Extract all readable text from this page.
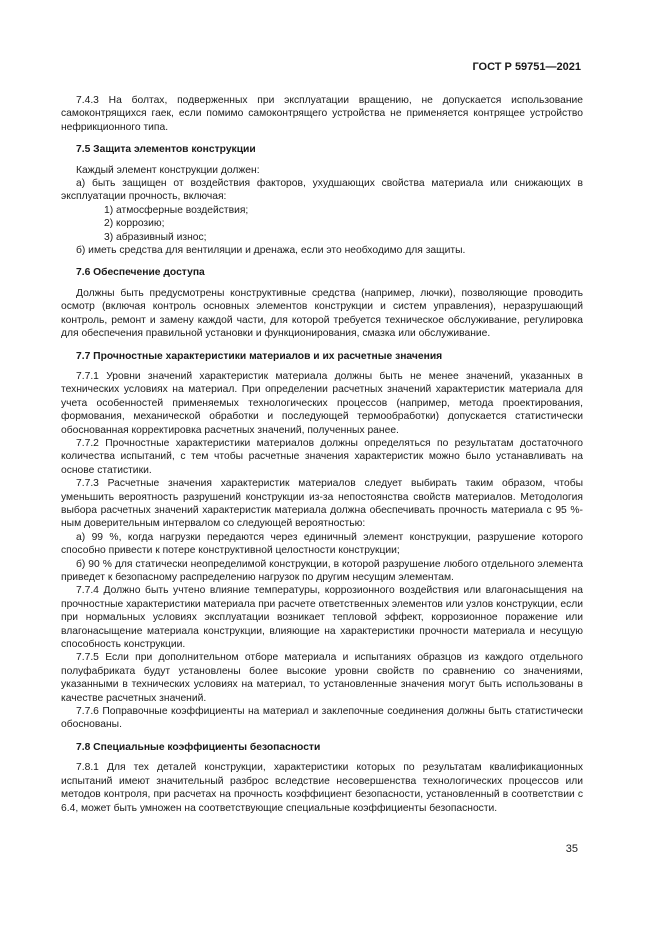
ГОСТ Р 59751—2021

7.4.3 На болтах, подверженных при эксплуатации вращению, не допускается использование самоконтрящихся гаек, если помимо самоконтрящего устройства не применяется контрящее устройство нефрикционного типа.

7.5 Защита элементов конструкции

Каждый элемент конструкции должен:

а) быть защищен от воздействия факторов, ухудшающих свойства материала или снижающих в эксплуатации прочность, включая:

1) атмосферные воздействия;

2) коррозию;

3) абразивный износ;

б) иметь средства для вентиляции и дренажа, если это необходимо для защиты.

7.6 Обеспечение доступа

Должны быть предусмотрены конструктивные средства (например, лючки), позволяющие проводить осмотр (включая контроль основных элементов конструкции и систем управления), неразрушающий контроль, ремонт и замену каждой части, для которой требуется техническое обслуживание, регулировка для обеспечения правильной установки и функционирования, смазка или обслуживание.

7.7 Прочностные характеристики материалов и их расчетные значения

7.7.1 Уровни значений характеристик материала должны быть не менее значений, указанных в технических условиях на материал. При определении расчетных значений характеристик материала для учета особенностей применяемых технологических процессов (например, метода проектирования, формования, механической обработки и последующей термообработки) допускается статистически обоснованная корректировка расчетных значений, полученных ранее.

7.7.2 Прочностные характеристики материалов должны определяться по результатам достаточного количества испытаний, с тем чтобы расчетные значения характеристик можно было устанавливать на основе статистики.

7.7.3 Расчетные значения характеристик материалов следует выбирать таким образом, чтобы уменьшить вероятность разрушений конструкции из-за непостоянства свойств материалов. Методология выбора расчетных значений характеристик материала должна обеспечивать прочность материала с 95 %-ным доверительным интервалом со следующей вероятностью:

а) 99 %, когда нагрузки передаются через единичный элемент конструкции, разрушение которого способно привести к потере конструктивной целостности конструкции;

б) 90 % для статически неопределимой конструкции, в которой разрушение любого отдельного элемента приведет к безопасному распределению нагрузок по другим несущим элементам.

7.7.4 Должно быть учтено влияние температуры, коррозионного воздействия или влагонасыщения на прочностные характеристики материала при расчете ответственных элементов или узлов конструкции, если при нормальных условиях эксплуатации возникает тепловой эффект, коррозионное поражение или влагонасыщение материала конструкции, влияющие на характеристики прочности материала и несущую способность конструкции.

7.7.5 Если при дополнительном отборе материала и испытаниях образцов из каждого отдельного полуфабриката будут установлены более высокие уровни свойств по сравнению со значениями, указанными в технических условиях на материал, то установленные значения могут быть использованы в качестве расчетных значений.

7.7.6 Поправочные коэффициенты на материал и заклепочные соединения должны быть статистически обоснованы.

7.8 Специальные коэффициенты безопасности

7.8.1 Для тех деталей конструкции, характеристики которых по результатам квалификационных испытаний имеют значительный разброс вследствие несовершенства технологических процессов или методов контроля, при расчетах на прочность коэффициент безопасности, установленный в соответствии с 6.4, может быть умножен на соответствующие специальные коэффициенты безопасности.

35
